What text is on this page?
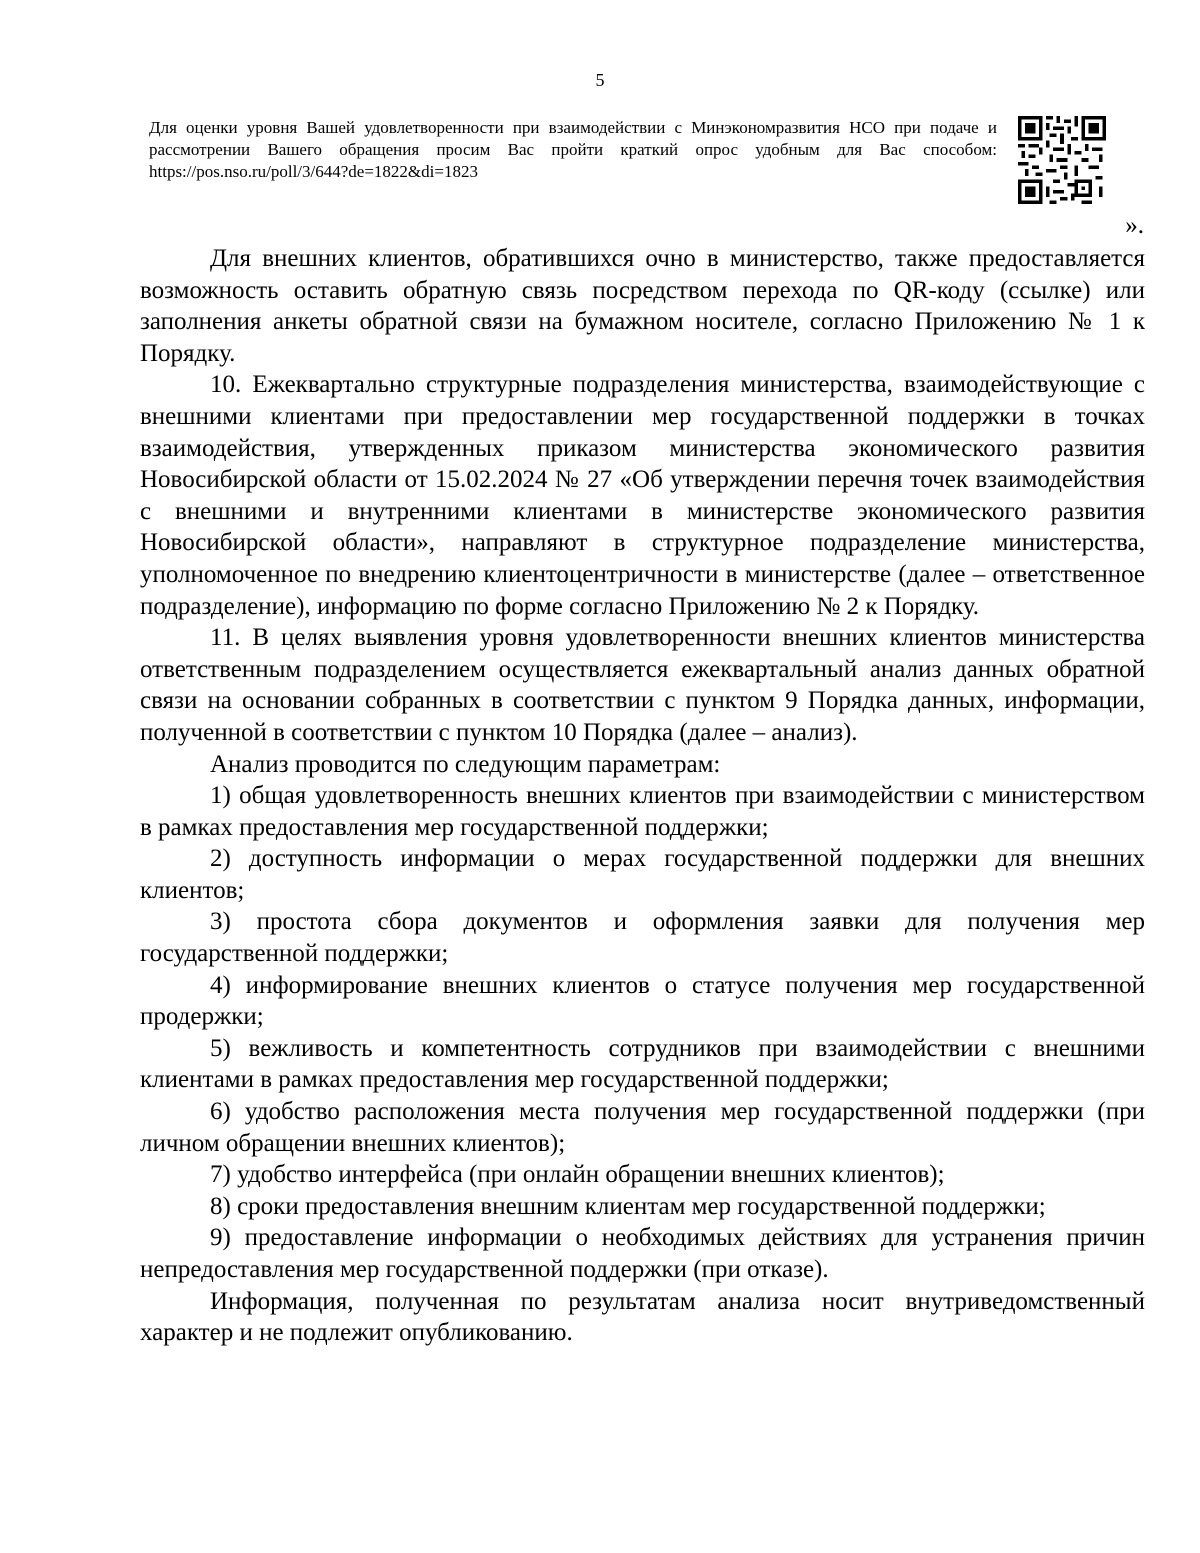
5
Для оценки уровня Вашей удовлетворенности при взаимодействии с Минэкономразвития НСО при подаче и рассмотрении Вашего обращения просим Вас пройти краткий опрос удобным для Вас способом: https://pos.nso.ru/poll/3/644?de=1822&di=1823
».

Для внешних клиентов, обратившихся очно в министерство, также предоставляется возможность оставить обратную связь посредством перехода по QR-коду (ссылке) или заполнения анкеты обратной связи на бумажном носителе, согласно Приложению № 1 к Порядку.

10. Ежеквартально структурные подразделения министерства, взаимодействующие с внешними клиентами при предоставлении мер государственной поддержки в точках взаимодействия, утвержденных приказом министерства экономического развития Новосибирской области от 15.02.2024 № 27 «Об утверждении перечня точек взаимодействия с внешними и внутренними клиентами в министерстве экономического развития Новосибирской области», направляют в структурное подразделение министерства, уполномоченное по внедрению клиентоцентричности в министерстве (далее – ответственное подразделение), информацию по форме согласно Приложению № 2 к Порядку.

11. В целях выявления уровня удовлетворенности внешних клиентов министерства ответственным подразделением осуществляется ежеквартальный анализ данных обратной связи на основании собранных в соответствии с пунктом 9 Порядка данных, информации, полученной в соответствии с пунктом 10 Порядка (далее – анализ).

Анализ проводится по следующим параметрам:

1) общая удовлетворенность внешних клиентов при взаимодействии с министерством в рамках предоставления мер государственной поддержки;

2) доступность информации о мерах государственной поддержки для внешних клиентов;

3) простота сбора документов и оформления заявки для получения мер государственной поддержки;

4) информирование внешних клиентов о статусе получения мер государственной продержки;

5) вежливость и компетентность сотрудников при взаимодействии с внешними клиентами в рамках предоставления мер государственной поддержки;

6) удобство расположения места получения мер государственной поддержки (при личном обращении внешних клиентов);

7) удобство интерфейса (при онлайн обращении внешних клиентов);

8) сроки предоставления внешним клиентам мер государственной поддержки;

9) предоставление информации о необходимых действиях для устранения причин непредоставления мер государственной поддержки (при отказе).

Информация, полученная по результатам анализа носит внутриведомственный характер и не подлежит опубликованию.
